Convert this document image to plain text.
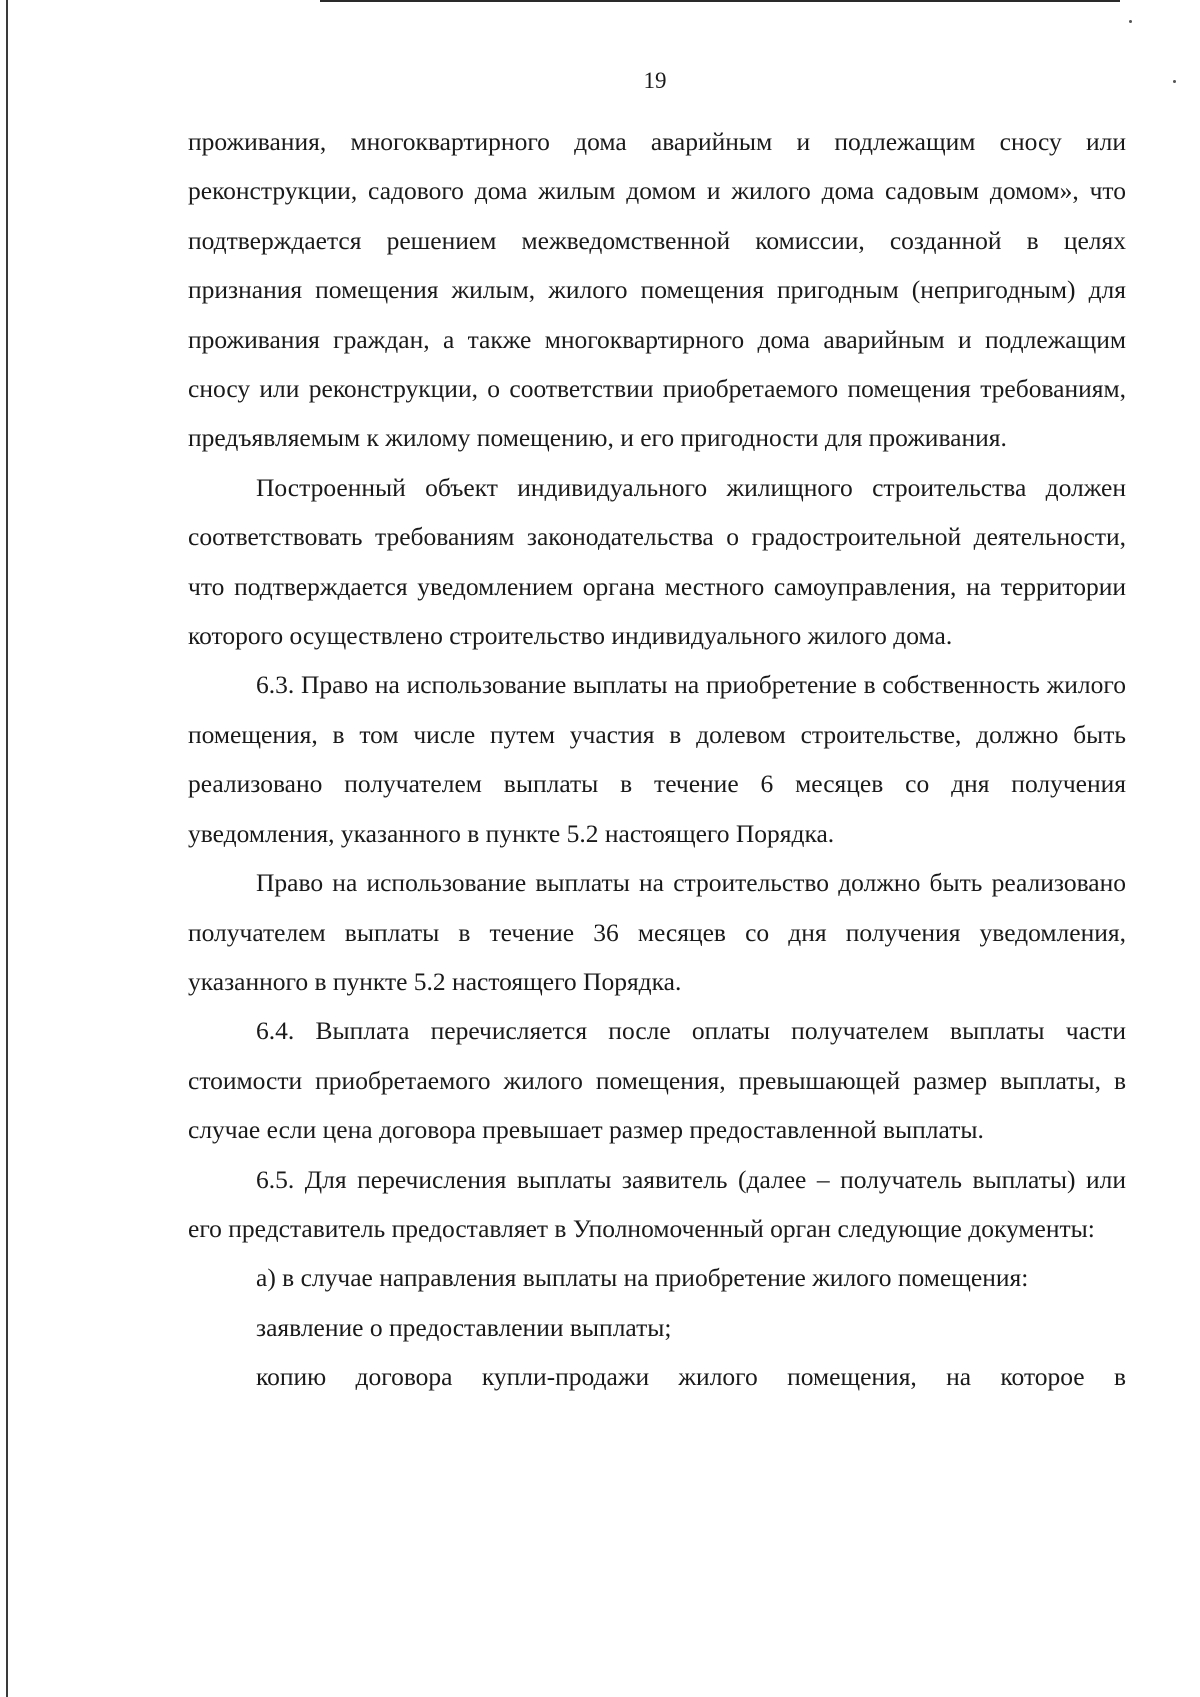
19

проживания, многоквартирного дома аварийным и подлежащим сносу или реконструкции, садового дома жилым домом и жилого дома садовым домом», что подтверждается решением межведомственной комиссии, созданной в целях признания помещения жилым, жилого помещения пригодным (непригодным) для проживания граждан, а также многоквартирного дома аварийным и подлежащим сносу или реконструкции, о соответствии приобретаемого помещения требованиям, предъявляемым к жилому помещению, и его пригодности для проживания.

Построенный объект индивидуального жилищного строительства должен соответствовать требованиям законодательства о градостроительной деятельности, что подтверждается уведомлением органа местного самоуправления, на территории которого осуществлено строительство индивидуального жилого дома.

6.3. Право на использование выплаты на приобретение в собственность жилого помещения, в том числе путем участия в долевом строительстве, должно быть реализовано получателем выплаты в течение 6 месяцев со дня получения уведомления, указанного в пункте 5.2 настоящего Порядка.

Право на использование выплаты на строительство должно быть реализовано получателем выплаты в течение 36 месяцев со дня получения уведомления, указанного в пункте 5.2 настоящего Порядка.

6.4. Выплата перечисляется после оплаты получателем выплаты части стоимости приобретаемого жилого помещения, превышающей размер выплаты, в случае если цена договора превышает размер предоставленной выплаты.

6.5. Для перечисления выплаты заявитель (далее – получатель выплаты) или его представитель предоставляет в Уполномоченный орган следующие документы:

а) в случае направления выплаты на приобретение жилого помещения:

заявление о предоставлении выплаты;

копию договора купли-продажи жилого помещения, на которое в
